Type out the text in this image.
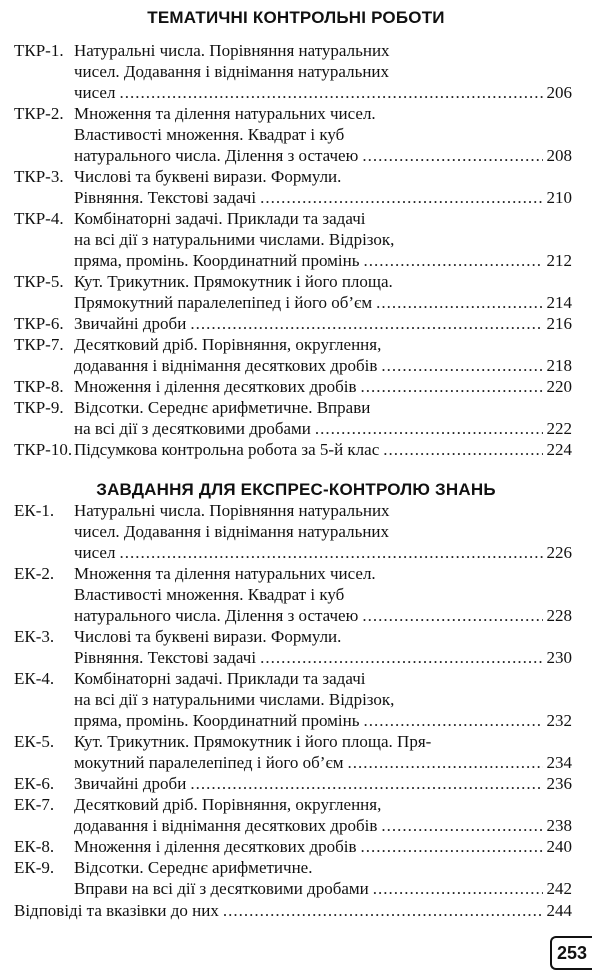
ТЕМАТИЧНІ КОНТРОЛЬНІ РОБОТИ
ТКР-1. Натуральні числа. Порівняння натуральних
чисел. Додавання і віднімання натуральних
чисел .....	206
ТКР-2. Множення та ділення натуральних чисел.
Властивості множення. Квадрат і куб
натурального числа. Ділення з остачею .....	208
ТКР-3. Числові та буквені вирази. Формули.
Рівняння. Текстові задачі .....	210
ТКР-4. Комбінаторні задачі. Приклади та задачі
на всі дії з натуральними числами. Відрізок,
пряма, промінь. Координатний промінь .....	212
ТКР-5. Кут. Трикутник. Прямокутник і його площа.
Прямокутний паралелепіпед і його об’єм .....	214
ТКР-6. Звичайні дроби .....	216
ТКР-7. Десятковий дріб. Порівняння, округлення,
додавання і віднімання десяткових дробів .....	218
ТКР-8. Множення і ділення десяткових дробів .....	220
ТКР-9. Відсотки. Середнє арифметичне. Вправи
на всі дії з десятковими дробами .....	222
ТКР-10. Підсумкова контрольна робота за 5-й клас .....	224
ЗАВДАННЯ ДЛЯ ЕКСПРЕС-КОНТРОЛЮ ЗНАНЬ
ЕК-1.	Натуральні числа. Порівняння натуральних
чисел. Додавання і віднімання натуральних
чисел .....	226
ЕК-2.	Множення та ділення натуральних чисел.
Властивості множення. Квадрат і куб
натурального числа. Ділення з остачею .....	228
ЕК-3.	Числові та буквені вирази. Формули.
Рівняння. Текстові задачі .....	230
ЕК-4.	Комбінаторні задачі. Приклади та задачі
на всі дії з натуральними числами. Відрізок,
пряма, промінь. Координатний промінь .....	232
ЕК-5.	Кут. Трикутник. Прямокутник і його площа. Пря-
мокутний паралелепіпед і його об’єм .....	234
ЕК-6.	Звичайні дроби .....	236
ЕК-7.	Десятковий дріб. Порівняння, округлення,
додавання і віднімання десяткових дробів .....	238
ЕК-8.	Множення і ділення десяткових дробів .....	240
ЕК-9.	Відсотки. Середнє арифметичне.
Вправи на всі дії з десятковими дробами .....	242
Відповіді та вказівки до них .....	244
253
